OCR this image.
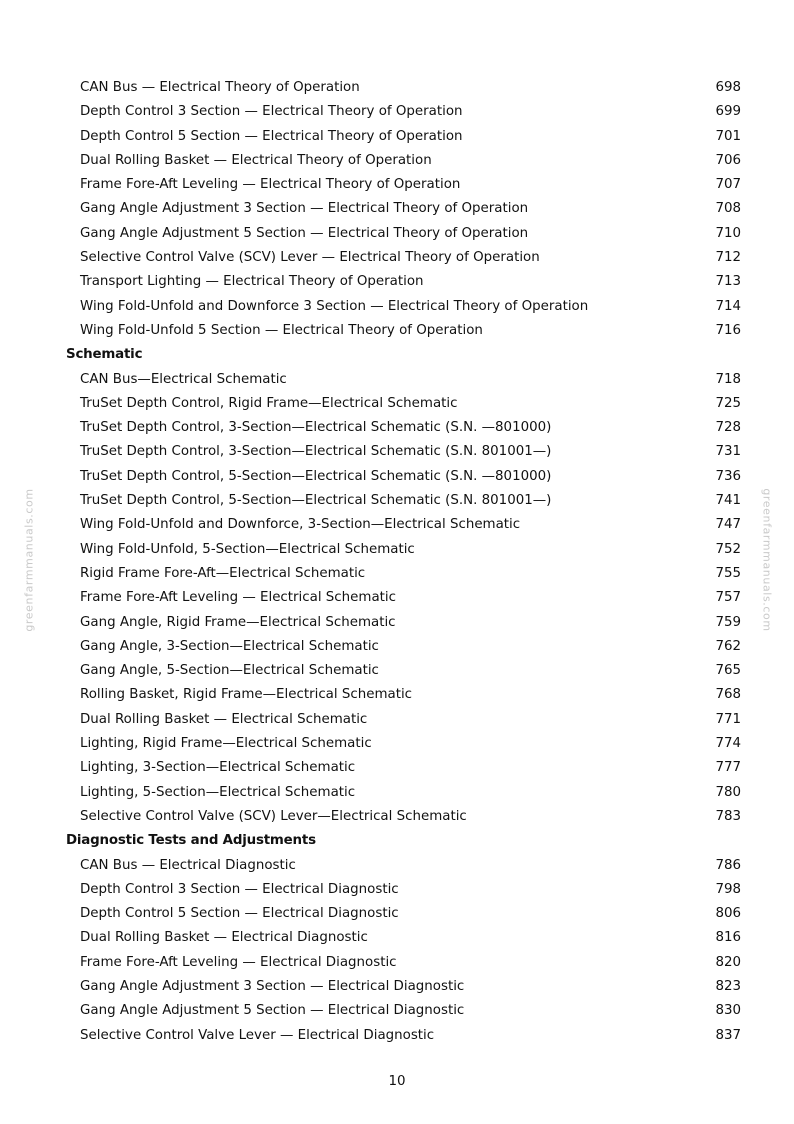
greenfarmmanuals.com	greenfarmmanuals.com
CAN Bus — Electrical Theory of Operation	698
Depth Control 3 Section — Electrical Theory of Operation	699
Depth Control 5 Section — Electrical Theory of Operation	701
Dual Rolling Basket — Electrical Theory of Operation	706
Frame Fore-Aft Leveling — Electrical Theory of Operation	707
Gang Angle Adjustment 3 Section — Electrical Theory of Operation	708
Gang Angle Adjustment 5 Section — Electrical Theory of Operation	710
Selective Control Valve (SCV) Lever — Electrical Theory of Operation	712
Transport Lighting — Electrical Theory of Operation	713
Wing Fold-Unfold and Downforce 3 Section — Electrical Theory of Operation	714
Wing Fold-Unfold 5 Section — Electrical Theory of Operation	716
Schematic
CAN Bus—Electrical Schematic	718
TruSet Depth Control, Rigid Frame—Electrical Schematic	725
TruSet Depth Control, 3-Section—Electrical Schematic (S.N. —801000)	728
TruSet Depth Control, 3-Section—Electrical Schematic (S.N. 801001—)	731
TruSet Depth Control, 5-Section—Electrical Schematic (S.N. —801000)	736
TruSet Depth Control, 5-Section—Electrical Schematic (S.N. 801001—)	741
Wing Fold-Unfold and Downforce, 3-Section—Electrical Schematic	747
Wing Fold-Unfold, 5-Section—Electrical Schematic	752
Rigid Frame Fore-Aft—Electrical Schematic	755
Frame Fore-Aft Leveling — Electrical Schematic	757
Gang Angle, Rigid Frame—Electrical Schematic	759
Gang Angle, 3-Section—Electrical Schematic	762
Gang Angle, 5-Section—Electrical Schematic	765
Rolling Basket, Rigid Frame—Electrical Schematic	768
Dual Rolling Basket — Electrical Schematic	771
Lighting, Rigid Frame—Electrical Schematic	774
Lighting, 3-Section—Electrical Schematic	777
Lighting, 5-Section—Electrical Schematic	780
Selective Control Valve (SCV) Lever—Electrical Schematic	783
Diagnostic Tests and Adjustments
CAN Bus — Electrical Diagnostic	786
Depth Control 3 Section — Electrical Diagnostic	798
Depth Control 5 Section — Electrical Diagnostic	806
Dual Rolling Basket — Electrical Diagnostic	816
Frame Fore-Aft Leveling — Electrical Diagnostic	820
Gang Angle Adjustment 3 Section — Electrical Diagnostic	823
Gang Angle Adjustment 5 Section — Electrical Diagnostic	830
Selective Control Valve Lever — Electrical Diagnostic	837
10
